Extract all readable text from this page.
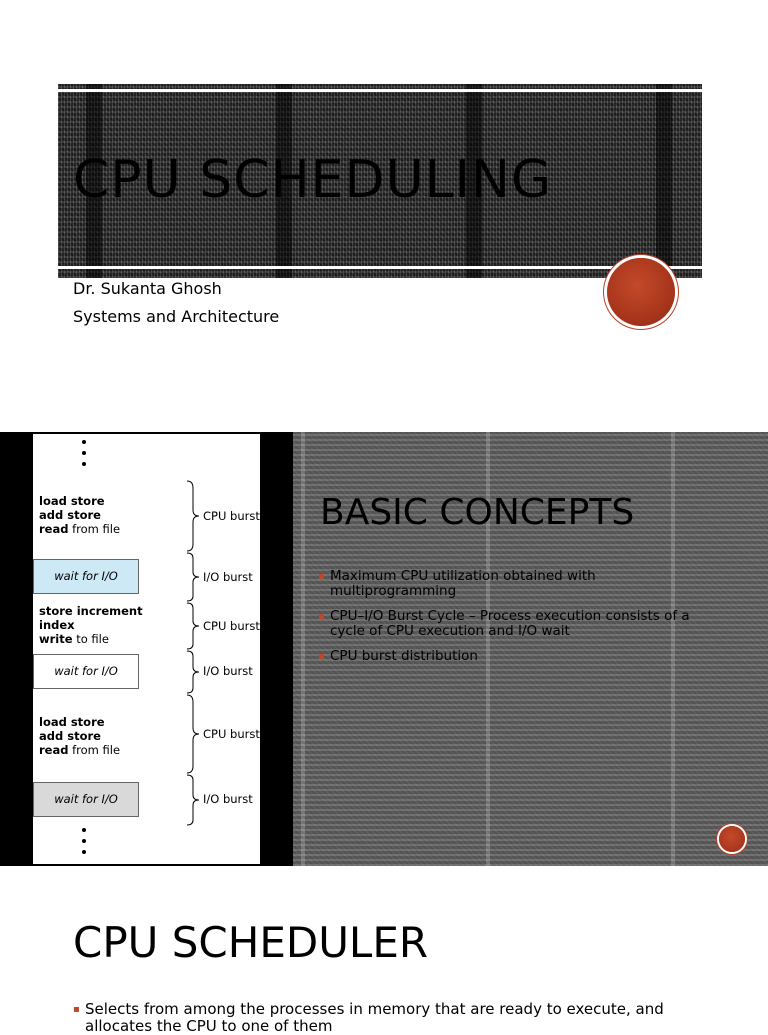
CPU SCHEDULING
Dr. Sukanta Ghosh
Systems and Architecture
load store
add store
read from file
wait for I/O
store increment
index
write to file
wait for I/O
load store
add store
read from file
wait for I/O
CPU burst
I/O burst
CPU burst
I/O burst
CPU burst
I/O burst
BASIC CONCEPTS
▪ Maximum CPU utilization obtained with multiprogramming
▪ CPU–I/O Burst Cycle – Process execution consists of a cycle of CPU execution and I/O wait
▪ CPU burst distribution
CPU SCHEDULER
▪ Selects from among the processes in memory that are ready to execute, and allocates the CPU to one of them
